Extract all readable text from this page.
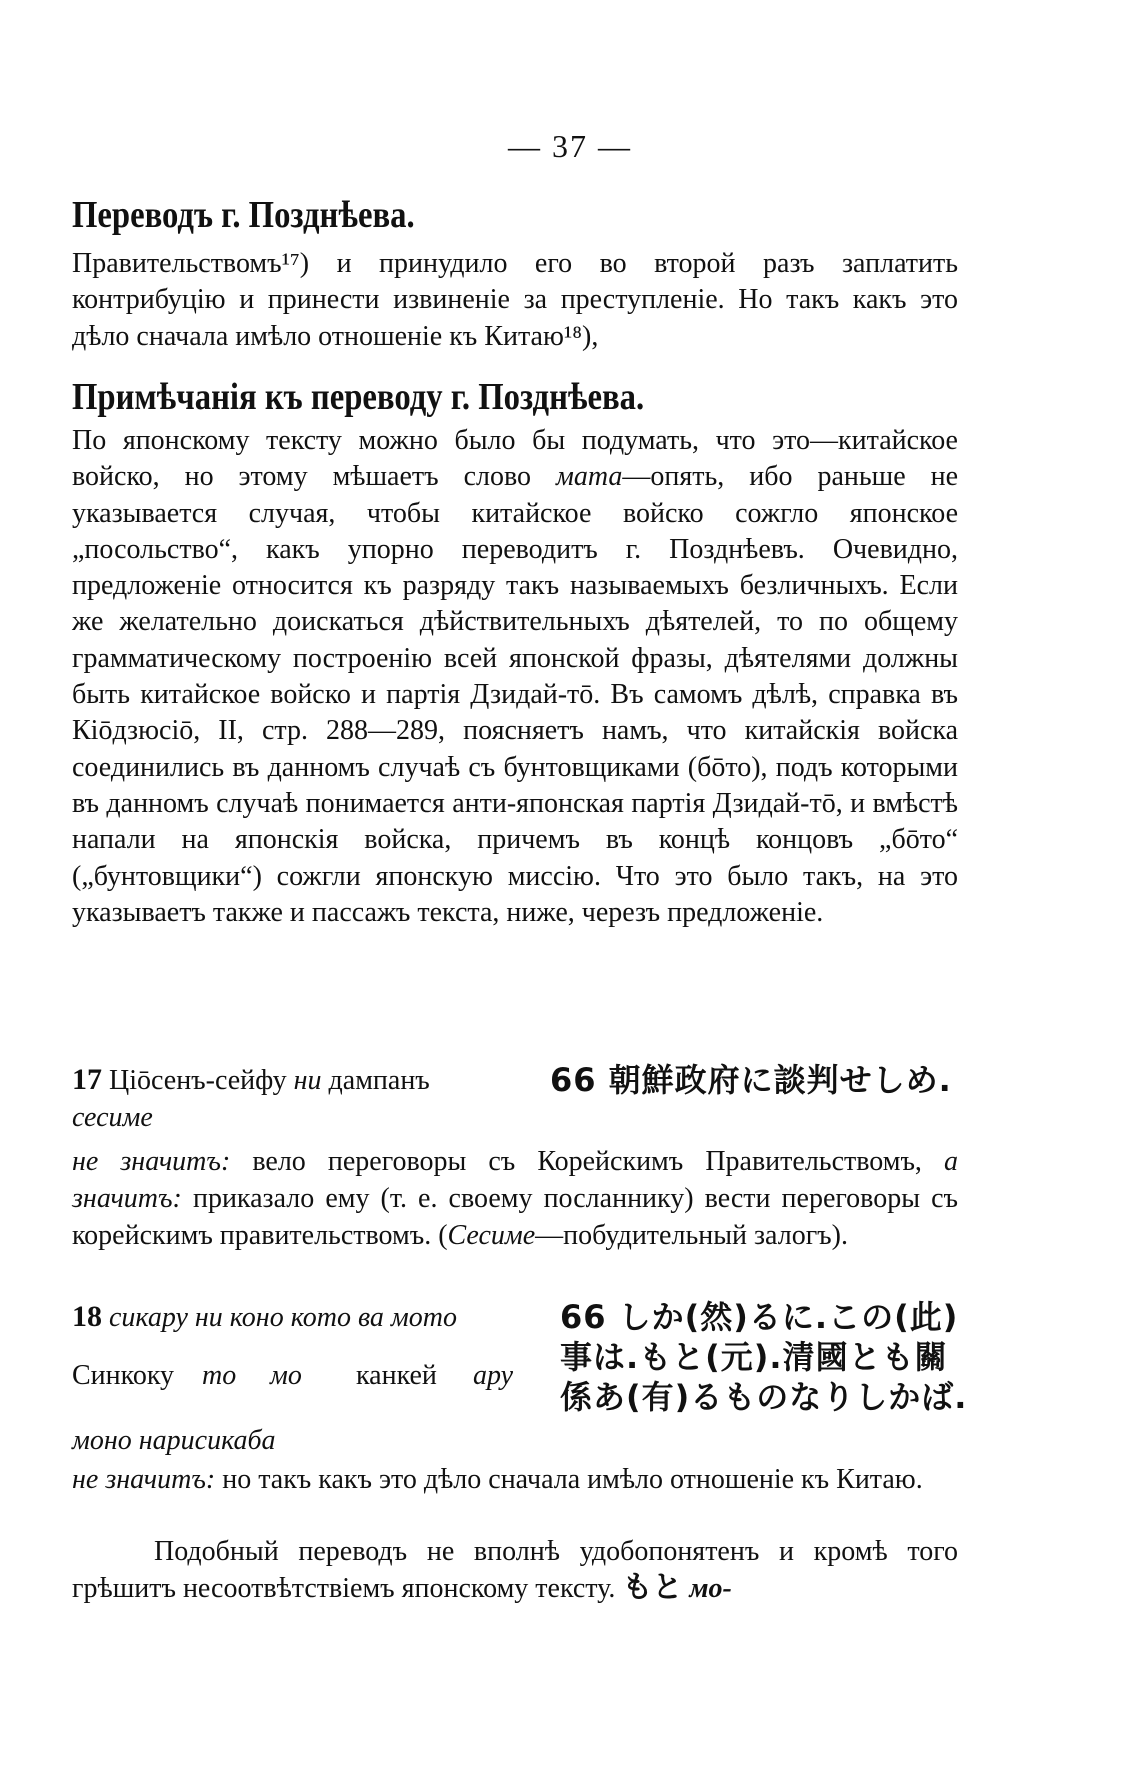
— 37 —
Переводъ г. Позднѣева.
Правительствомъ¹⁷) и принудило его во второй разъ заплатить контрибуцію и принести извиненіе за преступленіе. Но такъ какъ это дѣло сначала имѣло отношеніе къ Китаю¹⁸),
Примѣчанія къ переводу г. Позднѣева.
По японскому тексту можно было бы подумать, что это—китайское войско, но этому мѣшаетъ слово мата—опять, ибо раньше не указывается случая, чтобы китайское войско сожгло японское „посольство“, какъ упорно переводитъ г. Позднѣевъ. Очевидно, предложеніе относится къ разряду такъ называемыхъ безличныхъ. Если же желательно доискаться дѣйствительныхъ дѣятелей, то по общему грамматическому построенію всей японской фразы, дѣятелями должны быть китайское войско и партія Дзидай-тō. Въ самомъ дѣлѣ, справка въ Кiōдзюсiō, II, стр. 288—289, поясняетъ намъ, что китайскія войска соединились въ данномъ случаѣ съ бунтовщиками (бōто), подъ которыми въ данномъ случаѣ понимается анти-японская партія Дзидай-тō, и вмѣстѣ напали на японскія войска, причемъ въ концѣ концовъ „бōто“ („бунтовщики“) сожгли японскую миссiю. Что это было такъ, на это указываетъ также и пассажъ текста, ниже, черезъ предложеніе.
17 Цiōсенъ-сейфу ни дампанъ
сесиме
66 朝鮮政府に談判せしめ.
не значитъ: вело переговоры съ Корейскимъ Правительствомъ, а значитъ: приказало ему (т. е. своему посланнику) вести переговоры съ корейскимъ правительствомъ. (Сесиме—побудительный залогъ).
18 сикару ни коно кото ва мото
Синкоку то мо канкей ару
моно нарисикаба
66 しか(然)るに.この(此)事は.もと(元).清國とも關係あ(有)るものなりしかば.
не значитъ: но такъ какъ это дѣло сначала имѣло отношеніе къ Китаю.
Подобный переводъ не вполнѣ удобопонятенъ и кромѣ того грѣшитъ несоотвѣтствіемъ японскому тексту. もと мо-
